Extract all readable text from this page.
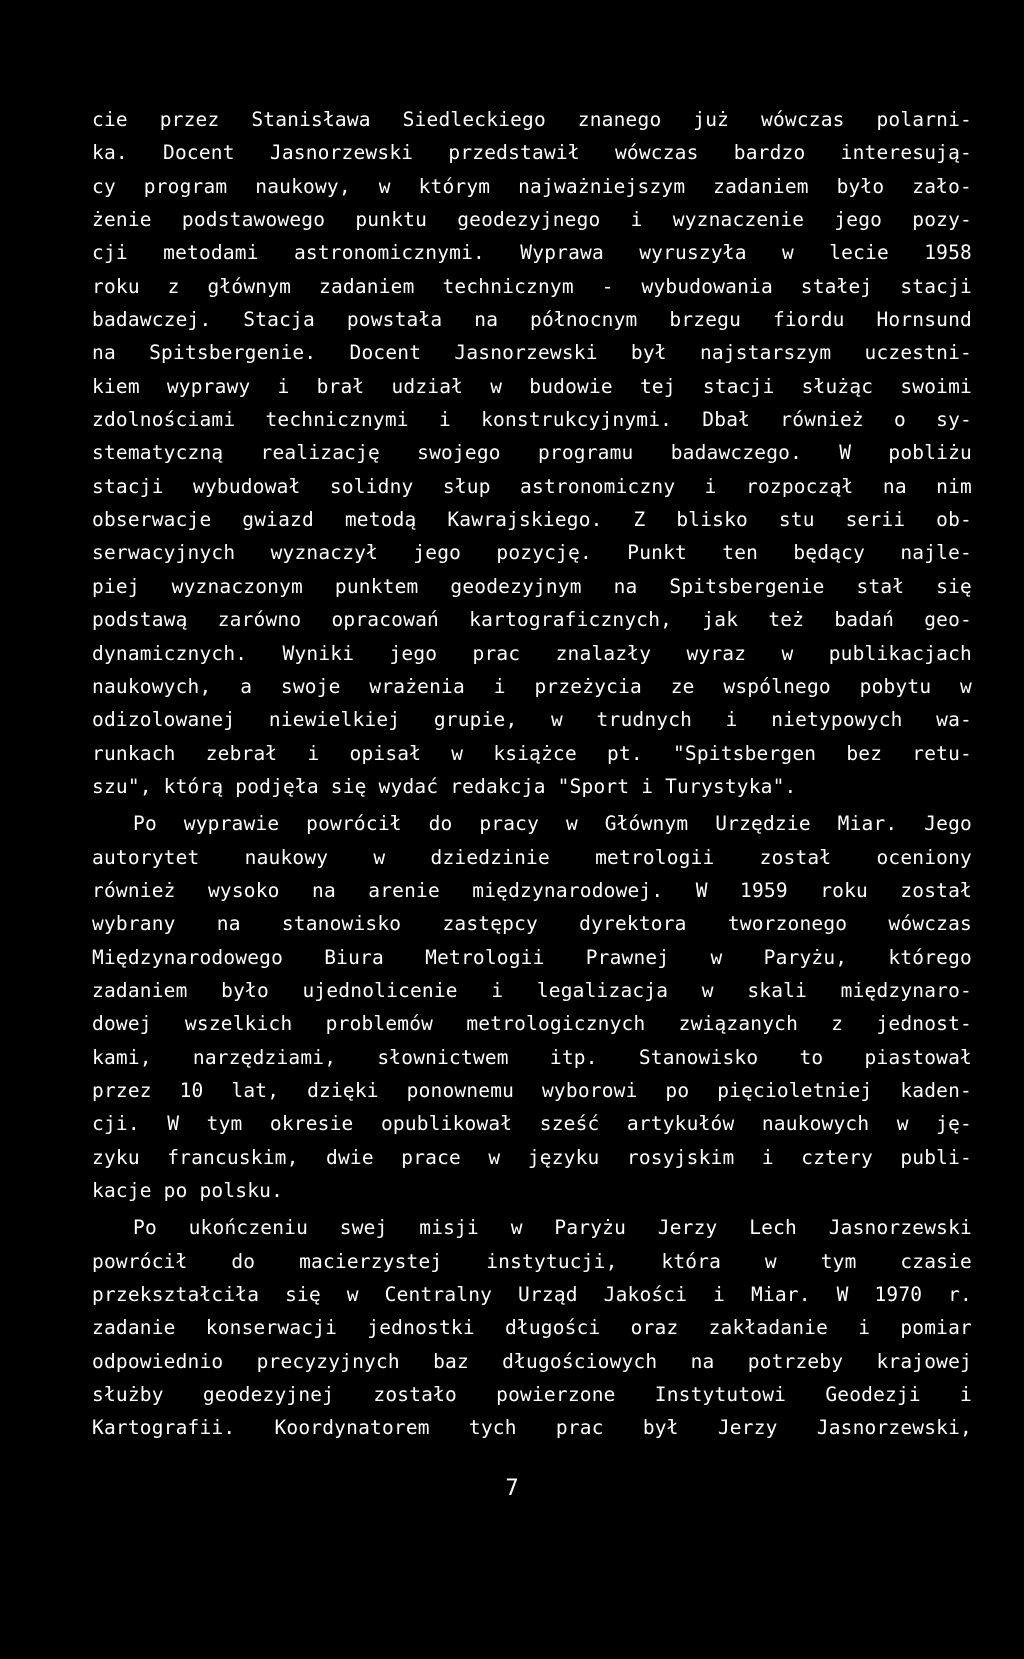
cie przez Stanisława Siedleckiego znanego już wówczas polarni-
ka. Docent Jasnorzewski przedstawił wówczas bardzo interesują-
cy program naukowy, w którym najważniejszym zadaniem było zało-
żenie podstawowego punktu geodezyjnego i wyznaczenie jego pozy-
cji metodami astronomicznymi. Wyprawa wyruszyła w lecie 1958
roku z głównym zadaniem technicznym - wybudowania stałej stacji
badawczej. Stacja powstała na północnym brzegu fiordu Hornsund
na Spitsbergenie. Docent Jasnorzewski był najstarszym uczestni-
kiem wyprawy i brał udział w budowie tej stacji służąc swoimi
zdolnościami technicznymi i konstrukcyjnymi. Dbał również o sy-
stematyczną realizację swojego programu badawczego. W pobliżu
stacji wybudował solidny słup astronomiczny i rozpoczął na nim
obserwacje gwiazd metodą Kawrajskiego. Z blisko stu serii ob-
serwacyjnych wyznaczył jego pozycję. Punkt ten będący najle-
piej wyznaczonym punktem geodezyjnym na Spitsbergenie stał się
podstawą zarówno opracowań kartograficznych, jak też badań geo-
dynamicznych. Wyniki jego prac znalazły wyraz w publikacjach
naukowych, a swoje wrażenia i przeżycia ze wspólnego pobytu w
odizolowanej niewielkiej grupie, w trudnych i nietypowych wa-
runkach zebrał i opisał w książce pt. "Spitsbergen bez retu-
szu", którą podjęła się wydać redakcja "Sport i Turystyka".
Po wyprawie powrócił do pracy w Głównym Urzędzie Miar. Jego
autorytet naukowy w dziedzinie metrologii został oceniony
również wysoko na arenie międzynarodowej. W 1959 roku został
wybrany na stanowisko zastępcy dyrektora tworzonego wówczas
Międzynarodowego Biura Metrologii Prawnej w Paryżu, którego
zadaniem było ujednolicenie i legalizacja w skali międzynaro-
dowej wszelkich problemów metrologicznych związanych z jednost-
kami, narzędziami, słownictwem itp. Stanowisko to piastował
przez 10 lat, dzięki ponownemu wyborowi po pięcioletniej kaden-
cji. W tym okresie opublikował sześć artykułów naukowych w ję-
zyku francuskim, dwie prace w języku rosyjskim i cztery publi-
kacje po polsku.
Po ukończeniu swej misji w Paryżu Jerzy Lech Jasnorzewski
powrócił do macierzystej instytucji, która w tym czasie
przekształciła się w Centralny Urząd Jakości i Miar. W 1970 r.
zadanie konserwacji jednostki długości oraz zakładanie i pomiar
odpowiednio precyzyjnych baz długościowych na potrzeby krajowej
służby geodezyjnej zostało powierzone Instytutowi Geodezji i
Kartografii. Koordynatorem tych prac był Jerzy Jasnorzewski,
7
